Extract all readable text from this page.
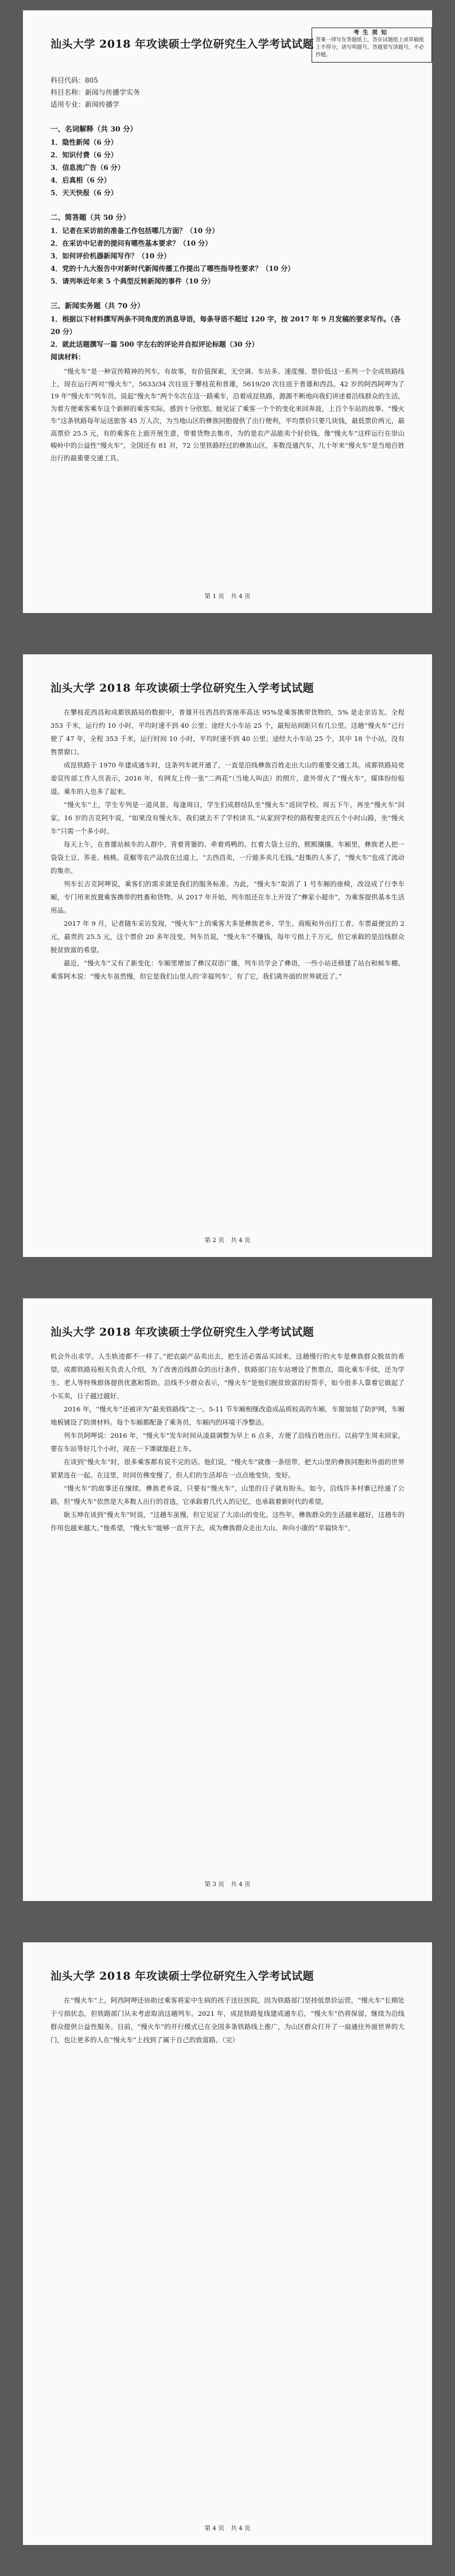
汕头大学 2018 年攻读硕士学位研究生入学考试试题
科目代码：805
科目名称：新闻与传播学实务
适用专业：新闻传播学
考生须知
答案一律写在答题纸上，答在试题纸上或草稿纸上不得分，请写明题号，答题要写清题号，不必抄题。
一、名词解释（共 30 分）
1．隐性新闻（6 分）
2．知识付费（6 分）
3．信息流广告（6 分）
4．后真相（6 分）
5．天天快报（6 分）
二、简答题（共 50 分）
1．记者在采访前的准备工作包括哪几方面？（10 分）
2．在采访中记者的提问有哪些基本要求？（10 分）
3．如何评价机器新闻写作？（10 分）
4．党的十九大报告中对新时代新闻传播工作提出了哪些指导性要求？（10 分）
5．请列举近年来 5 个典型反转新闻的事件（10 分）
三、新闻实务题（共 70 分）
1．根据以下材料撰写两条不同角度的消息导语，每条导语不超过 120 字，按 2017 年 9 月发稿的要求写作。（各 20 分）
2．就此话题撰写一篇 500 字左右的评论并自拟评论标题（30 分）
阅读材料：

“慢火车”是一种宣传精神的列车。有故事，有价值探索，无空调、车站多、速度慢、票价低这一系列一个全成铁路线上，现在运行两对“慢火车”，5633/34 次往返于攀枝花和普雄，5619/20 次往返于普雄和西昌。42 岁的阿西阿呷为了 19 年“慢火车”列车员。说起“慢火车”两个车次在这一路乘车，沿着成昆铁路，源源不断地向我们讲述着沿线群众的生活，为着方便乘客乘车这个新鲜的乘客实际，感到十分欣慰。她见证了乘客一个个的变化来回奔波，上百个车站的故事。“慢火车”这条铁路每年运送旅客 45 万人次，为当地山区的彝族同胞提供了出行便利，平均票价只要几块钱，最低票价两元，最高票价 25.5 元，有的乘客在上面开展生意，带着货物去集市，为的是农产品能卖个好价钱。像“慢火车”这样运行在崇山峻岭中的公益性“慢火车”，全国还有 81 对，72 公里铁路经过的彝族山区，多数没通汽车，几十年来“慢火车”是当地百姓出行的最重要交通工具。

第 1 页 共 4 页
汕头大学 2018 年攻读硕士学位研究生入学考试试题

在攀枝花西昌和成都铁路局的数据中，普雄开往西昌的客座率高达 95%是乘客携带货物的，5% 是走亲访友。全程 353 千米，运行约 10 小时，平均时速不到 40 公里；途经大小车站 25 个，最短站间距只有几公里。这趟“慢火车”已行驶了 47 年，全程 353 千米，运行时间 10 小时，平均时速不到 40 公里；途经大小车站 25 个，其中 18 个小站，没有售票窗口。

成昆铁路于 1970 年建成通车时，这条列车就开通了，一直是沿线彝族百姓走出大山的重要交通工具。成都铁路局党委宣传部工作人员表示，2016 年，有网友上传一张“二两花”（当地人叫法）的照片，意外带火了“慢火车”，媒体纷纷报道。乘车的人也多了起来。

“慢火车”上，学生专列是一道风景。每逢周日，学生们成群结队坐“慢火车”返回学校。周五下午，再坐“慢火车”回家。16 岁的吉克阿牛说，“如果没有慢火车，我们就去不了学校读书。”从家到学校的路程要走四五个小时山路，坐“慢火车”只需一个多小时。

每天上午，在普雄站候车的人群中，背着背篓的、牵着鸡鸭的、扛着大袋土豆的，熙熙攘攘。车厢里，彝族老人把一袋袋土豆、荞麦、核桃、花椒等农产品放在过道上，“去西昌卖，一斤能多卖几毛钱。”赶集的人多了，“慢火车”也成了流动的集市。

列车长吉克阿呷说，乘客们的需求就是我们的服务标准。为此，“慢火车”取消了 1 号车厢的座椅，改设成了行李车厢，专门用来放置乘客携带的牲畜和货物。从 2017 年开始，列车组还在车上开设了“彝家小超市”，为乘客提供基本生活用品。

2017 年 9 月，记者随车采访发现，“慢火车”上的乘客大多是彝族老乡、学生、商贩和外出打工者。车票最便宜的 2 元，最贵的 25.5 元，这个票价 20 多年没变。列车员说，“慢火车”不赚钱，每年亏损上千万元，但它承载的是沿线群众脱贫致富的希望。

最近，“慢火车”又有了新变化：车厢里增加了彝汉双语广播，列车员学会了彝语，一些小站还修建了站台和候车棚。乘客阿木说：“慢火车虽然慢，但它是我们山里人的‘幸福列车’，有了它，我们离外面的世界就近了。”

第 2 页 共 4 页
汕头大学 2018 年攻读硕士学位研究生入学考试试题

机会外出求学。人生轨迹都不一样了。”把农副产品卖出去，把生活必需品买回来。这趟慢行的火车是彝族群众脱贫的希望。成都铁路局相关负责人介绍，为了改善沿线群众的出行条件，铁路部门在车站增设了售票点，简化乘车手续，还为学生、老人等特殊群体提供优惠和帮助。沿线不少群众表示，“慢火车”是他们脱贫致富的好帮手，如今很多人靠着它做起了小买卖，日子越过越好。

2016 年，“慢火车”还被评为“最美铁路线”之一。5-11 节车厢相继改造成品质较高的车厢，车窗加装了防护网，车厢地板铺设了防滑材料。每个车厢都配备了乘务员，车厢内的环境干净整洁。

列车员阿呷说：2016 年，“慢火车”发车时间从凌晨调整为早上 6 点多，方便了沿线百姓出行。以前学生周末回家，要在车站等好几个小时，现在一下课就能赶上车。

在谈到“慢火车”时，很多乘客都有说不完的话。他们说，“慢火车”就像一条纽带，把大山里的彝族同胞和外面的世界紧紧连在一起。在这里，时间仿佛变慢了，但人们的生活却在一点点地变快、变好。

“慢火车”的故事还在继续。彝族老乡说，只要有“慢火车”，山里的日子就有盼头。如今，沿线许多村寨已经通了公路，但“慢火车”依然是大多数人出行的首选，它承载着几代人的记忆，也承载着新时代的希望。

耿玉坤在谈到“慢火车”时说，“这趟车虽慢，但它见证了大凉山的变化。这些年，彝族群众的生活越来越好，这趟车的作用也越来越大。”他希望，“慢火车”能够一直开下去，成为彝族群众走出大山、奔向小康的“幸福快车”。

第 3 页 共 4 页
汕头大学 2018 年攻读硕士学位研究生入学考试试题

在“慢火车”上，阿西阿呷还协助过乘客将家中生病的孩子送往医院。因为铁路部门坚持低票价运营，“慢火车”长期处于亏损状态，但铁路部门从未考虑取消这趟列车。2021 年，成昆铁路复线建成通车后，“慢火车”仍将保留，继续为沿线群众提供公益性服务。目前，“慢火车”的开行模式已在全国多条铁路线上推广，为山区群众打开了一扇通往外面世界的大门，也让更多的人在“慢火车”上找到了属于自己的致富路。（完）

第 4 页 共 4 页
